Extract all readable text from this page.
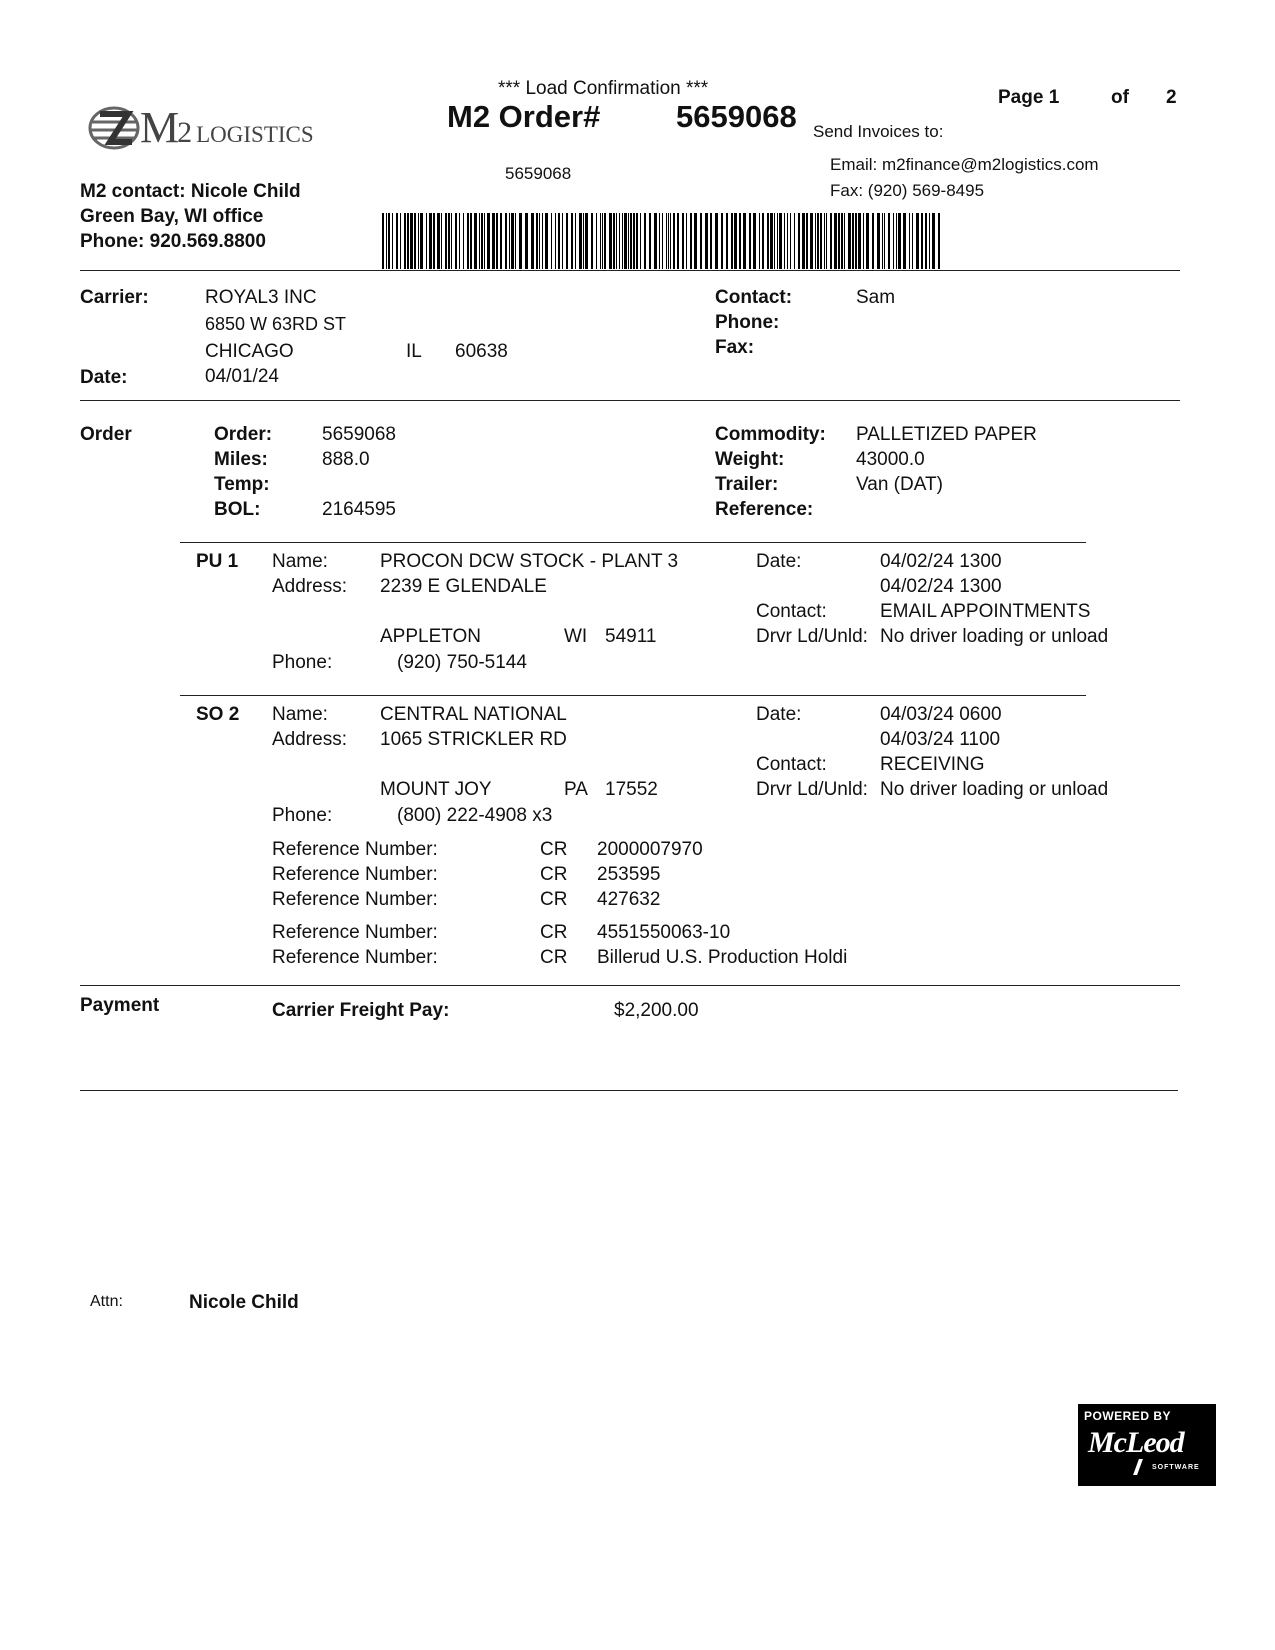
M2 LOGISTICS
*** Load Confirmation ***
M2 Order# 5659068 Send Invoices to:
Page 1	of 2
Email: m2finance@m2logistics.com
Fax: (920) 569-8495
5659068
M2 contact: Nicole Child
Green Bay, WI office
Phone: 920.569.8800
Carrier:	ROYAL3 INC
6850 W 63RD ST
CHICAGO	IL 60638
Date:	04/01/24
Contact:	Sam
Phone:
Fax:
Order	Order:	5659068
Miles:	888.0
Temp:
BOL:	2164595
Commodity: PALLETIZED PAPER
Weight:	43000.0
Trailer:	Van (DAT)
Reference:
PU 1 Name:	PROCON DCW STOCK - PLANT 3
Address: 2239 E GLENDALE
APPLETON	WI 54911
Phone:	(920) 750-5144
Date:	04/02/24 1300
04/02/24 1300
Contact:	EMAIL APPOINTMENTS
Drvr Ld/Unld: No driver loading or unload
SO 2 Name:	CENTRAL NATIONAL
Address: 1065 STRICKLER RD
MOUNT JOY	PA 17552
Phone:	(800) 222-4908 x3
Date:	04/03/24 0600
04/03/24 1100
Contact:	RECEIVING
Drvr Ld/Unld: No driver loading or unload
Reference Number:	CR 2000007970
Reference Number:	CR 253595
Reference Number:	CR 427632
Reference Number:	CR 4551550063-10
Reference Number:	CR Billerud U.S. Production Holdi
Payment	Carrier Freight Pay:	$2,200.00
Attn:	Nicole Child
POWERED BY
McLeod
SOFTWARE
